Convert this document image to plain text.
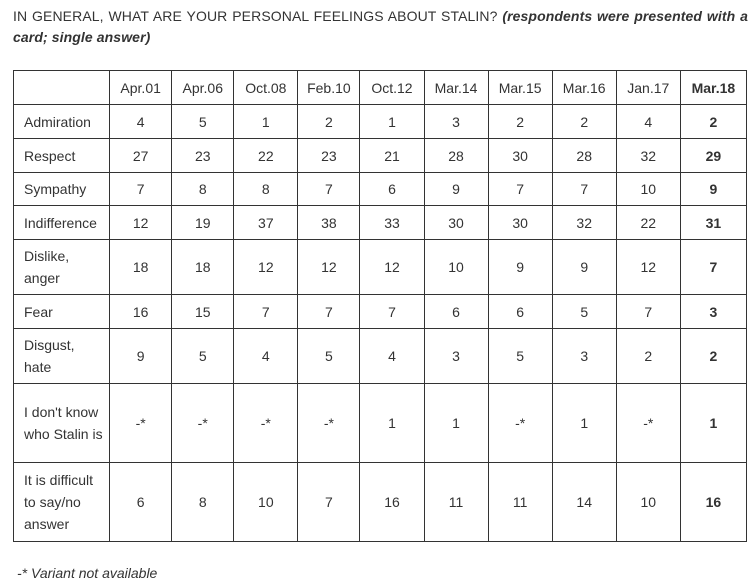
IN GENERAL, WHAT ARE YOUR PERSONAL FEELINGS ABOUT STALIN? (respondents were presented with a card; single answer)
	Apr.01	Apr.06	Oct.08	Feb.10	Oct.12	Mar.14	Mar.15	Mar.16	Jan.17	Mar.18
Admiration	4	5	1	2	1	3	2	2	4	2
Respect	27	23	22	23	21	28	30	28	32	29
Sympathy	7	8	8	7	6	9	7	7	10	9
Indifference	12	19	37	38	33	30	30	32	22	31
Dislike, anger	18	18	12	12	12	10	9	9	12	7
Fear	16	15	7	7	7	6	6	5	7	3
Disgust, hate	9	5	4	5	4	3	5	3	2	2
I don't know who Stalin is	-*	-*	-*	-*	1	1	-*	1	-*	1
It is difficult to say/no answer	6	8	10	7	16	11	11	14	10	16
-* Variant not available
